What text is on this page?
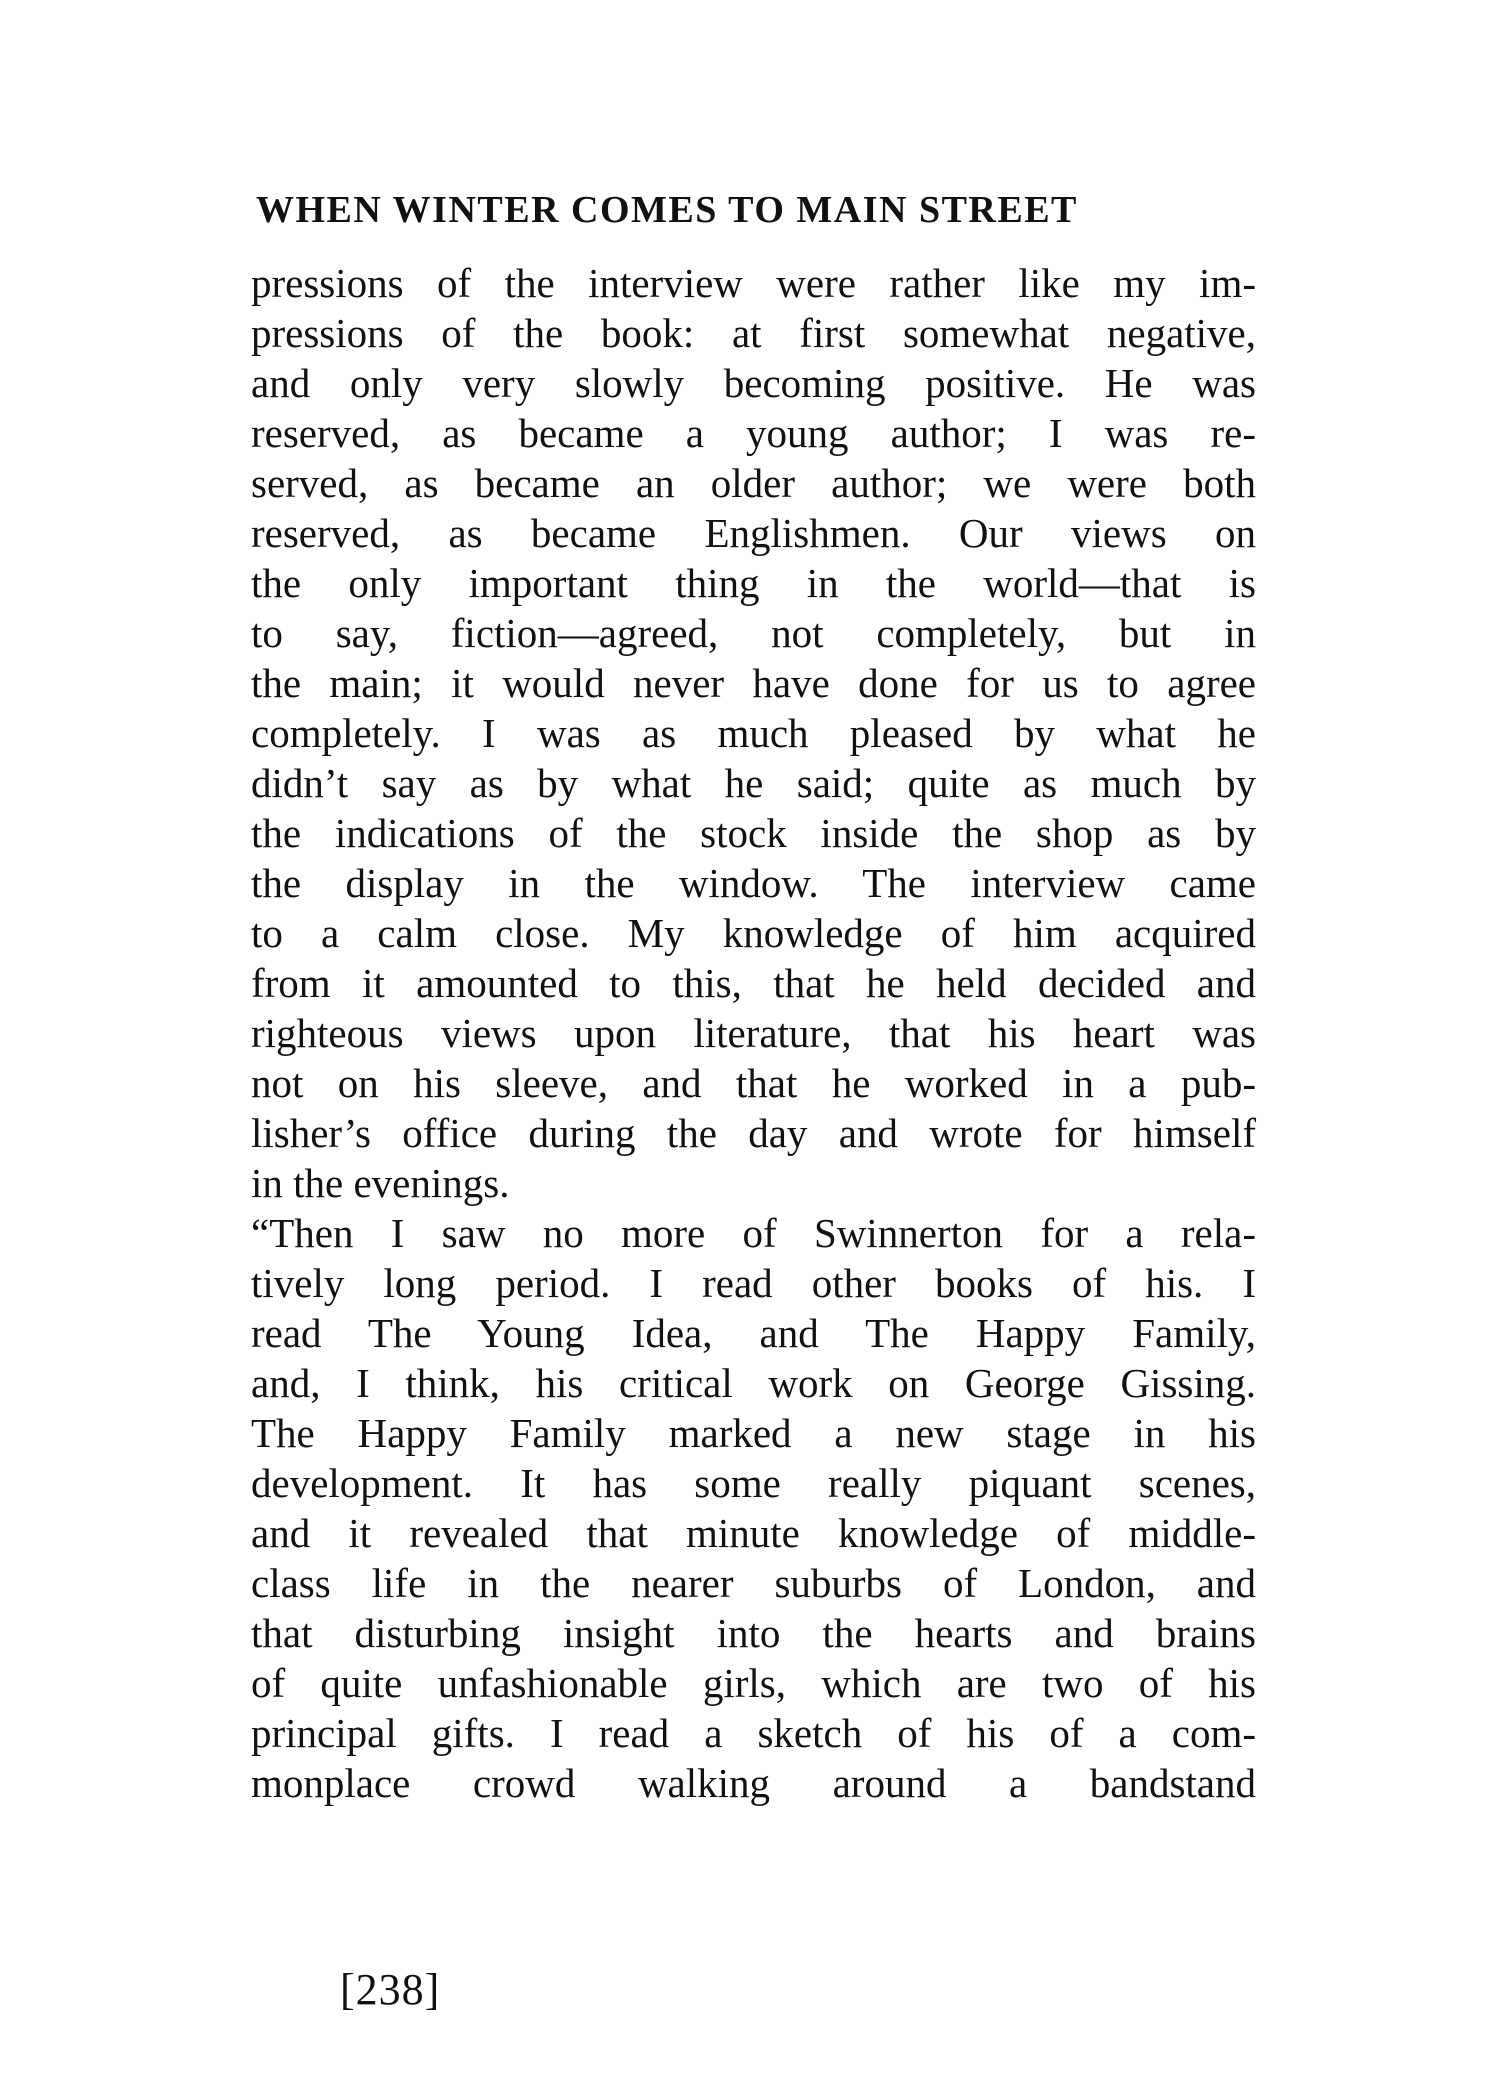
WHEN WINTER COMES TO MAIN STREET
pressions of the interview were rather like my im-
pressions of the book: at first somewhat negative,
and only very slowly becoming positive. He was
reserved, as became a young author; I was re-
served, as became an older author; we were both
reserved, as became Englishmen. Our views on
the only important thing in the world—that is
to say, fiction—agreed, not completely, but in
the main; it would never have done for us to agree
completely. I was as much pleased by what he
didn’t say as by what he said; quite as much by
the indications of the stock inside the shop as by
the display in the window. The interview came
to a calm close. My knowledge of him acquired
from it amounted to this, that he held decided and
righteous views upon literature, that his heart was
not on his sleeve, and that he worked in a pub-
lisher’s office during the day and wrote for himself
in the evenings.
“Then I saw no more of Swinnerton for a rela-
tively long period. I read other books of his. I
read The Young Idea, and The Happy Family,
and, I think, his critical work on George Gissing.
The Happy Family marked a new stage in his
development. It has some really piquant scenes,
and it revealed that minute knowledge of middle-
class life in the nearer suburbs of London, and
that disturbing insight into the hearts and brains
of quite unfashionable girls, which are two of his
principal gifts. I read a sketch of his of a com-
monplace crowd walking around a bandstand
[238]
